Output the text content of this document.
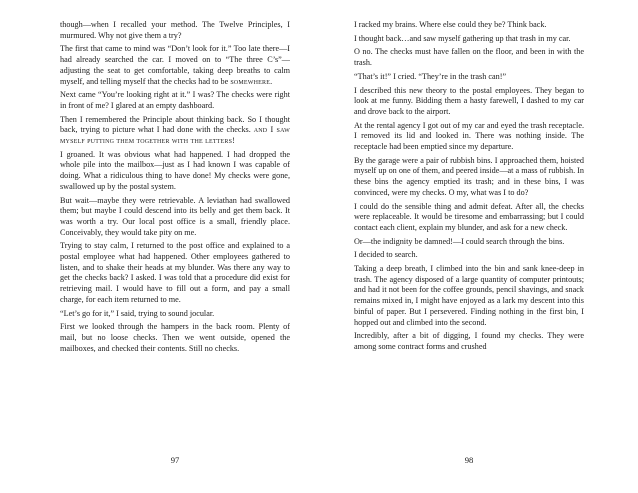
though—when I recalled your method. The Twelve Principles, I murmured. Why not give them a try?

The first that came to mind was “Don’t look for it.” Too late there—I had already searched the car. I moved on to “The three C’s”—adjusting the seat to get comfortable, taking deep breaths to calm myself, and telling myself that the checks had to be somewhere.

Next came “You’re looking right at it.” I was? The checks were right in front of me? I glared at an empty dashboard.

Then I remembered the Principle about thinking back. So I thought back, trying to picture what I had done with the checks. and I saw myself putting them together with the letters!

I groaned. It was obvious what had happened. I had dropped the whole pile into the mailbox—just as I had known I was capable of doing. What a ridiculous thing to have done! My checks were gone, swallowed up by the postal system.

But wait—maybe they were retrievable. A leviathan had swallowed them; but maybe I could descend into its belly and get them back. It was worth a try. Our local post office is a small, friendly place. Conceivably, they would take pity on me.

Trying to stay calm, I returned to the post office and explained to a postal employee what had happened. Other employees gathered to listen, and to shake their heads at my blunder. Was there any way to get the checks back? I asked. I was told that a procedure did exist for retrieving mail. I would have to fill out a form, and pay a small charge, for each item returned to me.

“Let’s go for it,” I said, trying to sound jocular.

First we looked through the hampers in the back room. Plenty of mail, but no loose checks. Then we went outside, opened the mailboxes, and checked their contents. Still no checks.

97

I racked my brains. Where else could they be? Think back.

I thought back…and saw myself gathering up that trash in my car.

O no. The checks must have fallen on the floor, and been in with the trash.

“That’s it!” I cried. “They’re in the trash can!”

I described this new theory to the postal employees. They began to look at me funny. Bidding them a hasty farewell, I dashed to my car and drove back to the airport.

At the rental agency I got out of my car and eyed the trash receptacle. I removed its lid and looked in. There was nothing inside. The receptacle had been emptied since my departure.

By the garage were a pair of rubbish bins. I approached them, hoisted myself up on one of them, and peered inside—at a mass of rubbish. In these bins the agency emptied its trash; and in these bins, I was convinced, were my checks. O my, what was I to do?

I could do the sensible thing and admit defeat. After all, the checks were replaceable. It would be tiresome and embarrassing; but I could contact each client, explain my blunder, and ask for a new check.

Or—the indignity be damned!—I could search through the bins.

I decided to search.

Taking a deep breath, I climbed into the bin and sank knee-deep in trash. The agency disposed of a large quantity of computer printouts; and had it not been for the coffee grounds, pencil shavings, and snack remains mixed in, I might have enjoyed as a lark my descent into this binful of paper. But I persevered. Finding nothing in the first bin, I hopped out and climbed into the second.

Incredibly, after a bit of digging, I found my checks. They were among some contract forms and crushed

98
